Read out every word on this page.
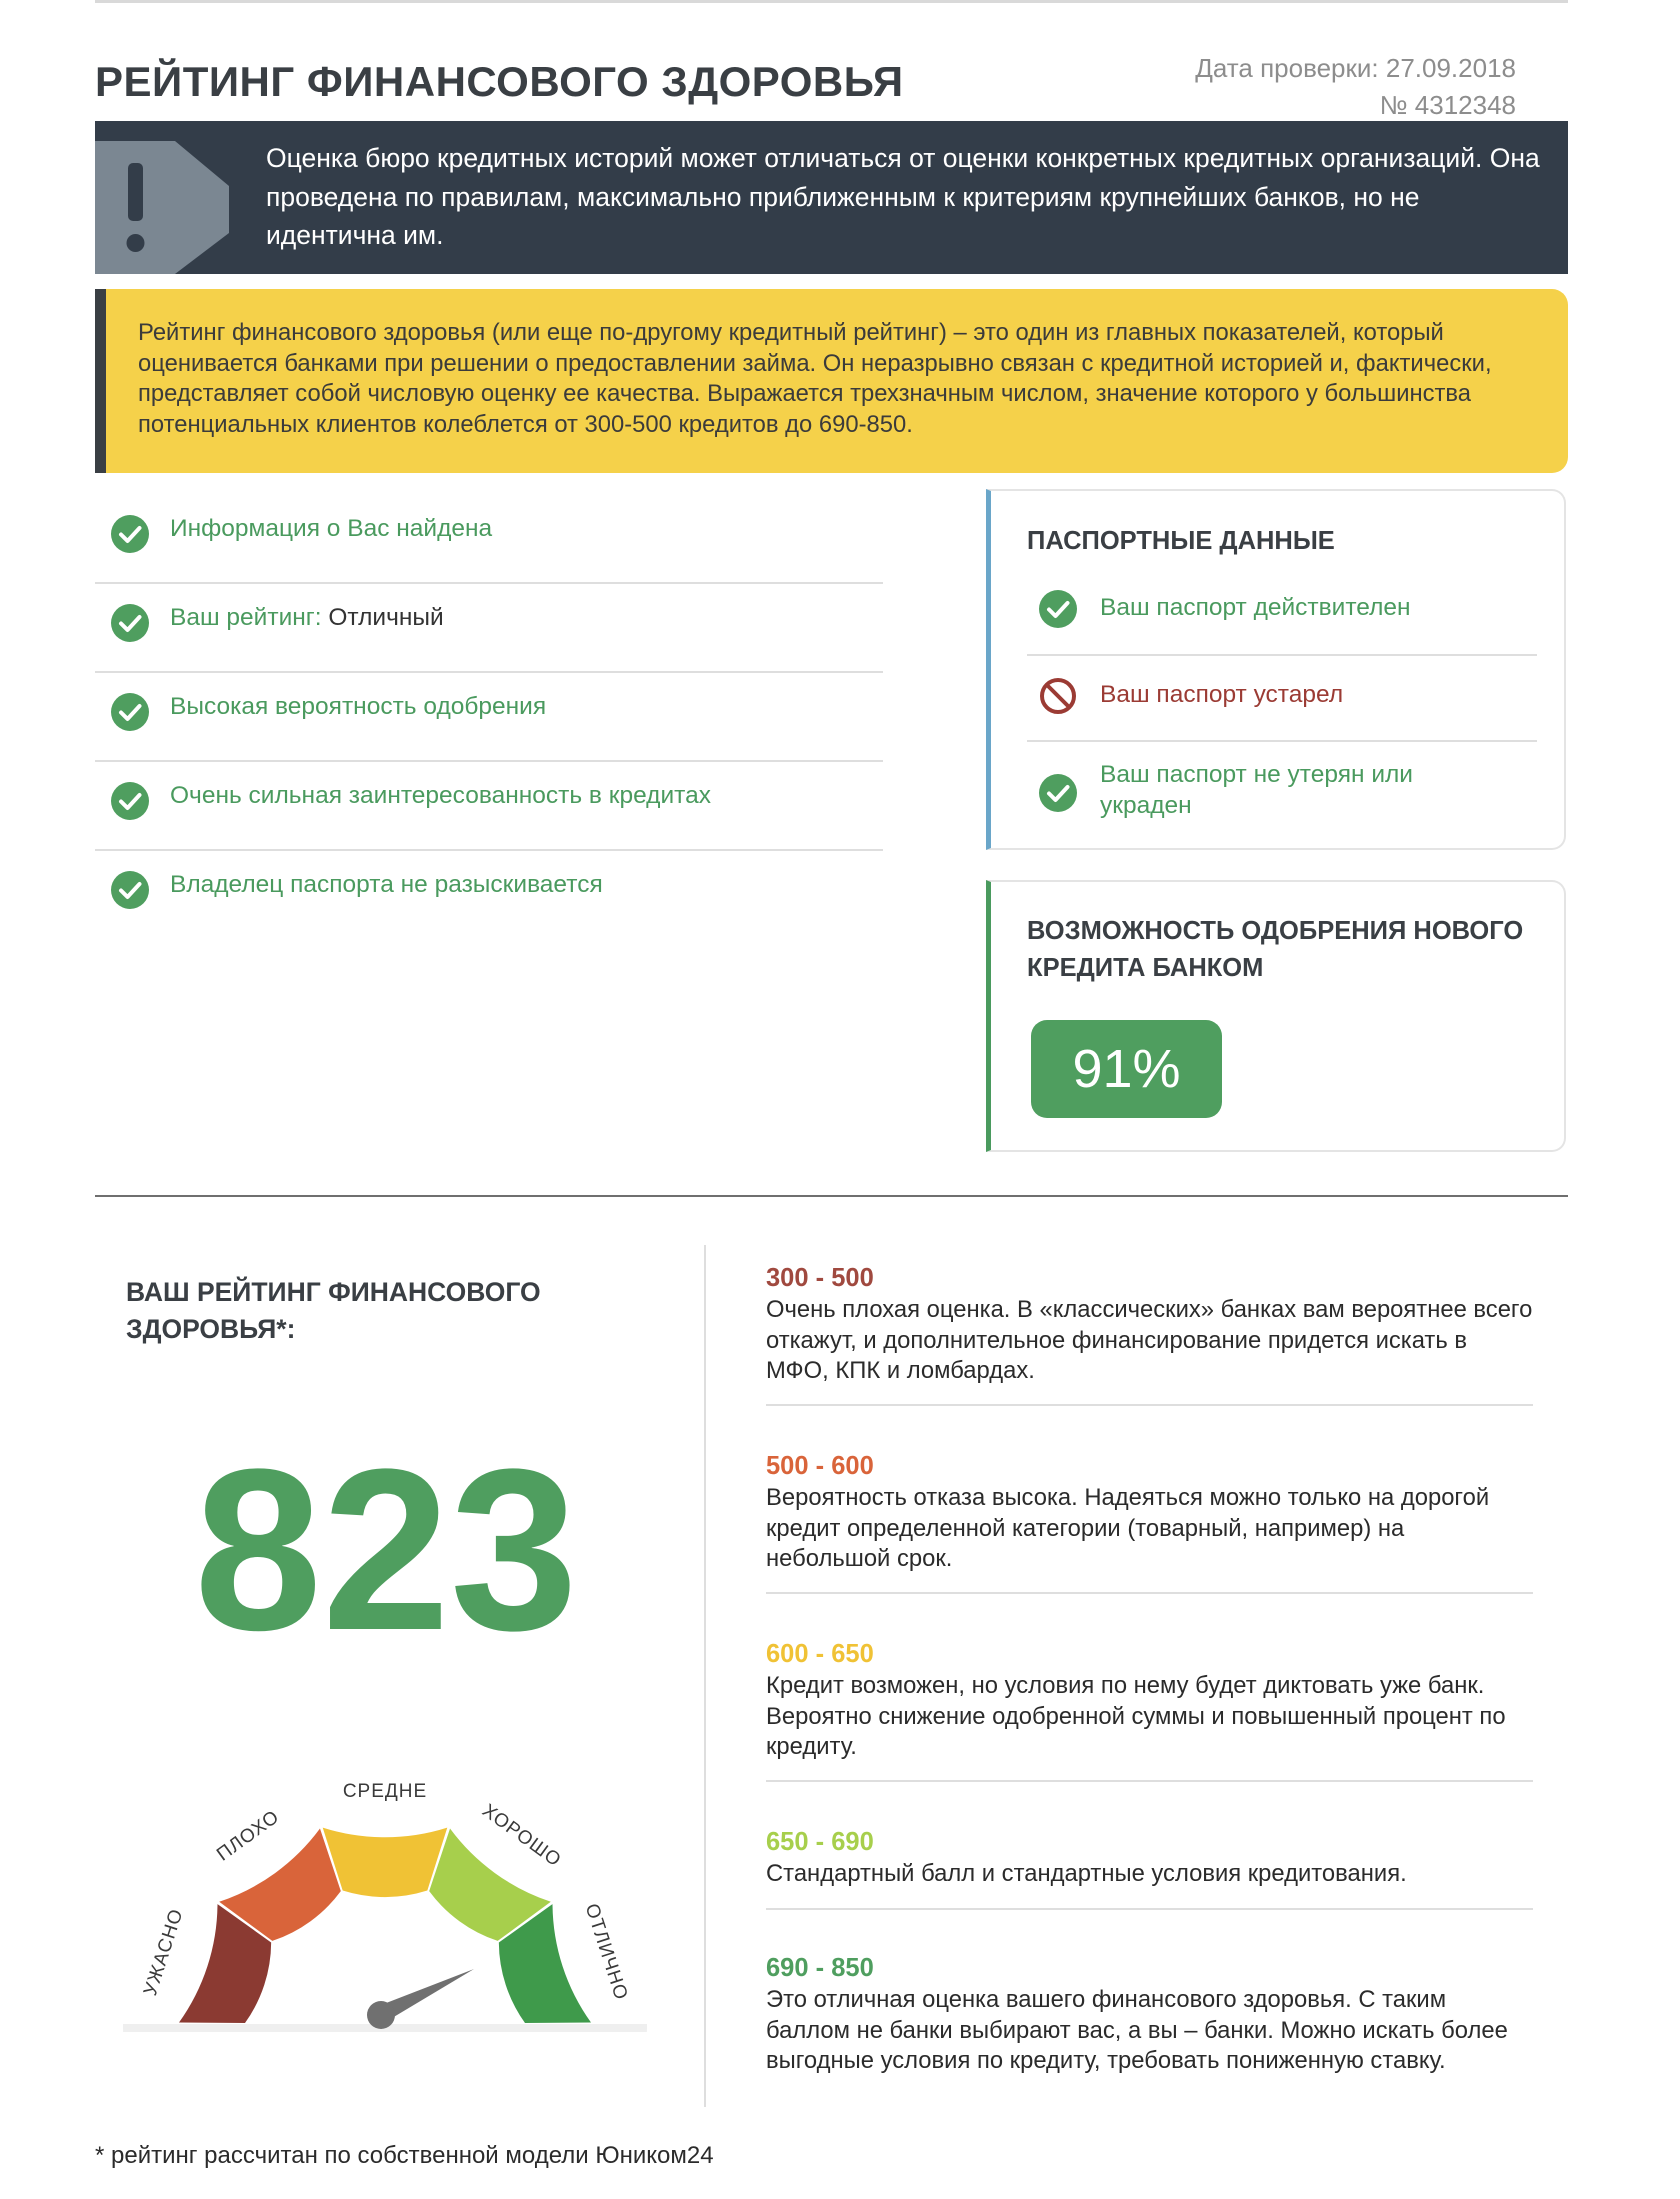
РЕЙТИНГ ФИНАНСОВОГО ЗДОРОВЬЯ	Дата проверки: 27.09.2018
№ 4312348
Оценка бюро кредитных историй может отличаться от оценки конкретных кредитных организаций. Она проведена по правилам, максимально приближенным к критериям крупнейших банков, но не идентична им.
Рейтинг финансового здоровья (или еще по-другому кредитный рейтинг) – это один из главных показателей, который оценивается банками при решении о предоставлении займа. Он неразрывно связан с кредитной историей и, фактически, представляет собой числовую оценку ее качества. Выражается трехзначным числом, значение которого у большинства потенциальных клиентов колеблется от 300-500 кредитов до 690-850.
Информация о Вас найдена
Ваш рейтинг: Отличный
Высокая вероятность одобрения
Очень сильная заинтересованность в кредитах
Владелец паспорта не разыскивается
ПАСПОРТНЫЕ ДАННЫЕ
Ваш паспорт действителен
Ваш паспорт устарел
Ваш паспорт не утерян или украден
ВОЗМОЖНОСТЬ ОДОБРЕНИЯ НОВОГО КРЕДИТА БАНКОМ
91%
ВАШ РЕЙТИНГ ФИНАНСОВОГО ЗДОРОВЬЯ*:
823
УЖАСНО
ПЛОХО
СРЕДНЕ
ХОРОШО
ОТЛИЧНО
300 - 500
Очень плохая оценка. В «классических» банках вам вероятнее всего откажут, и дополнительное финансирование придется искать в МФО, КПК и ломбардах.
500 - 600
Вероятность отказа высока. Надеяться можно только на дорогой кредит определенной категории (товарный, например) на небольшой срок.
600 - 650
Кредит возможен, но условия по нему будет диктовать уже банк. Вероятно снижение одобренной суммы и повышенный процент по кредиту.
650 - 690
Стандартный балл и стандартные условия кредитования.
690 - 850
Это отличная оценка вашего финансового здоровья. С таким баллом не банки выбирают вас, а вы – банки. Можно искать более выгодные условия по кредиту, требовать пониженную ставку.
* рейтинг рассчитан по собственной модели Юником24
